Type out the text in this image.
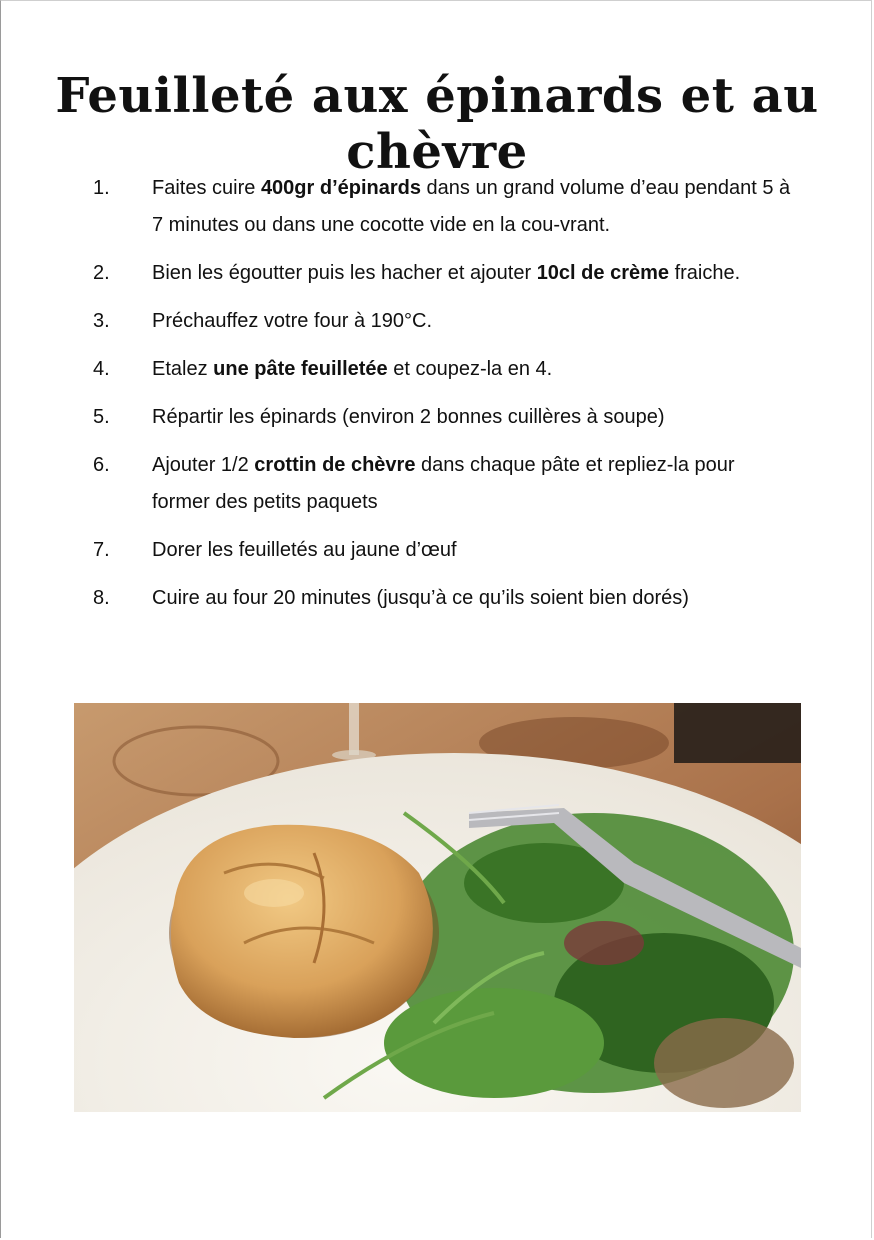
Feuilleté aux épinards et au chèvre
1. Faites cuire 400gr d’épinards dans un grand volume d’eau pendant 5 à 7 minutes ou dans une cocotte vide en la cou-vrant.
2. Bien les égoutter puis les hacher et ajouter 10cl de crème fraiche.
3. Préchauffez votre four à 190°C.
4. Etalez une pâte feuilletée et coupez-la en 4.
5. Répartir les épinards (environ 2 bonnes cuillères à soupe)
6. Ajouter 1/2 crottin de chèvre dans chaque pâte et repliez-la pour former des petits paquets
7. Dorer les feuilletés au jaune d’œuf
8. Cuire au four 20 minutes (jusqu’à ce qu’ils soient bien dorés)
